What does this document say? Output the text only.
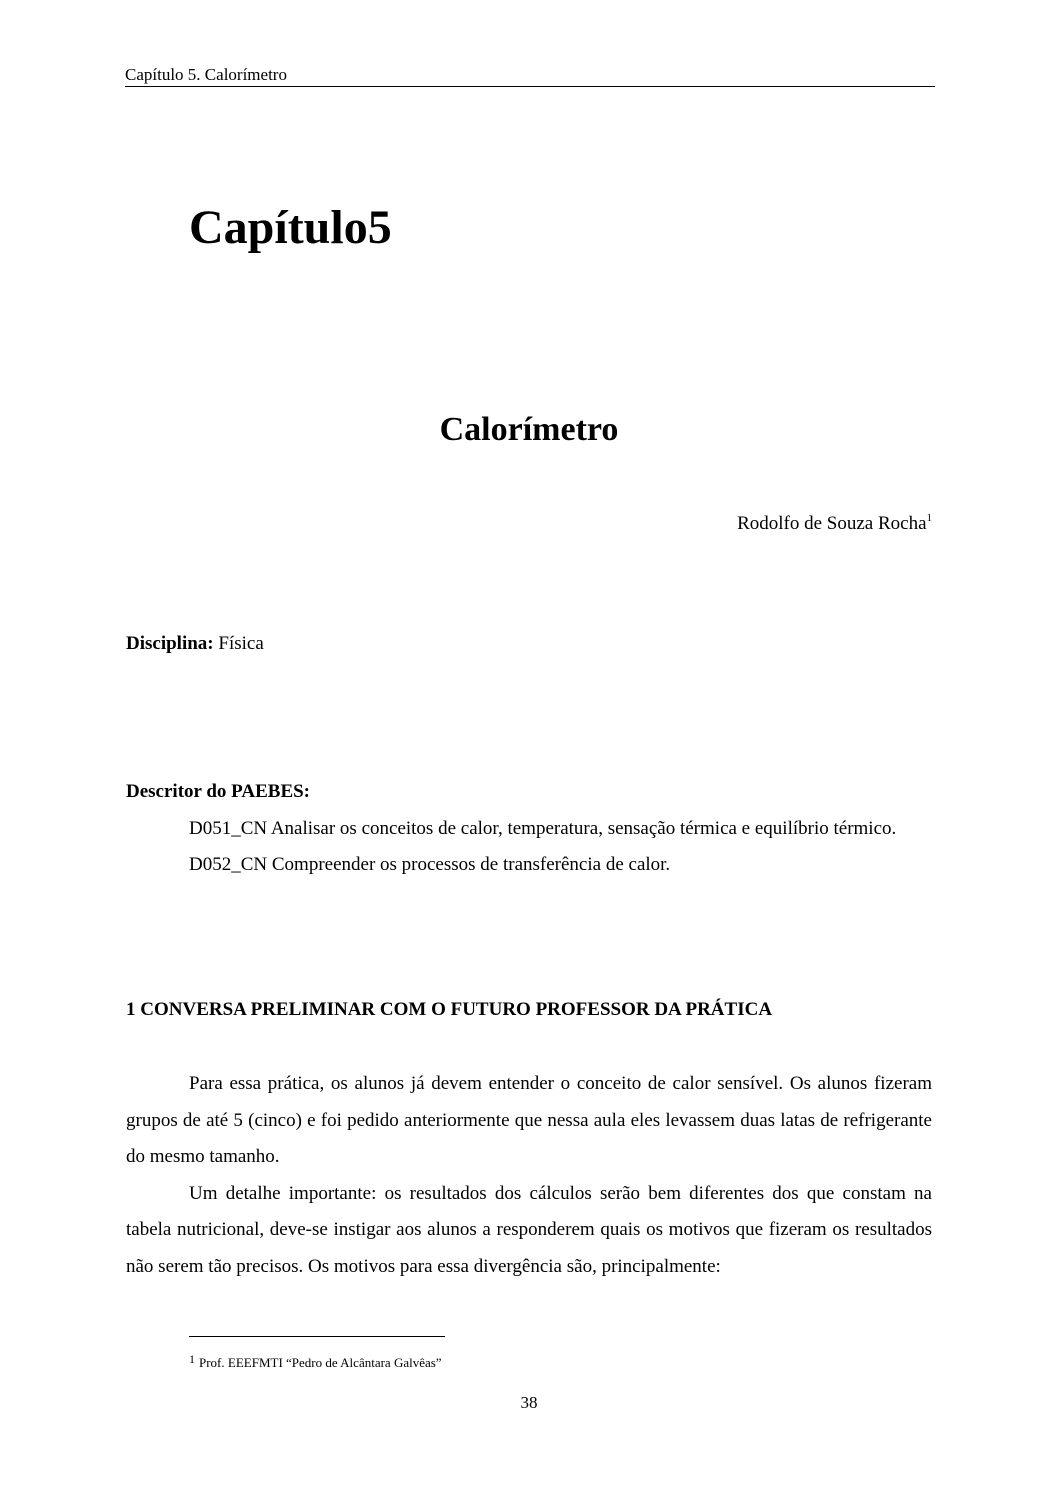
Capítulo 5. Calorímetro
Capítulo5
Calorímetro
Rodolfo de Souza Rocha$^1$
Disciplina: Física

Descritor do PAEBES:

D051_CN Analisar os conceitos de calor, temperatura, sensação térmica e equilíbrio térmico.

D052_CN Compreender os processos de transferência de calor.

1 CONVERSA PRELIMINAR COM O FUTURO PROFESSOR DA PRÁTICA

Para essa prática, os alunos já devem entender o conceito de calor sensível. Os alunos fizeram grupos de até 5 (cinco) e foi pedido anteriormente que nessa aula eles levassem duas latas de refrigerante do mesmo tamanho.

Um detalhe importante: os resultados dos cálculos serão bem diferentes dos que constam na tabela nutricional, deve-se instigar aos alunos a responderem quais os motivos que fizeram os resultados não serem tão precisos. Os motivos para essa divergência são, principalmente:

1 Prof. EEEFMTI “Pedro de Alcântara Galvêas”
38
